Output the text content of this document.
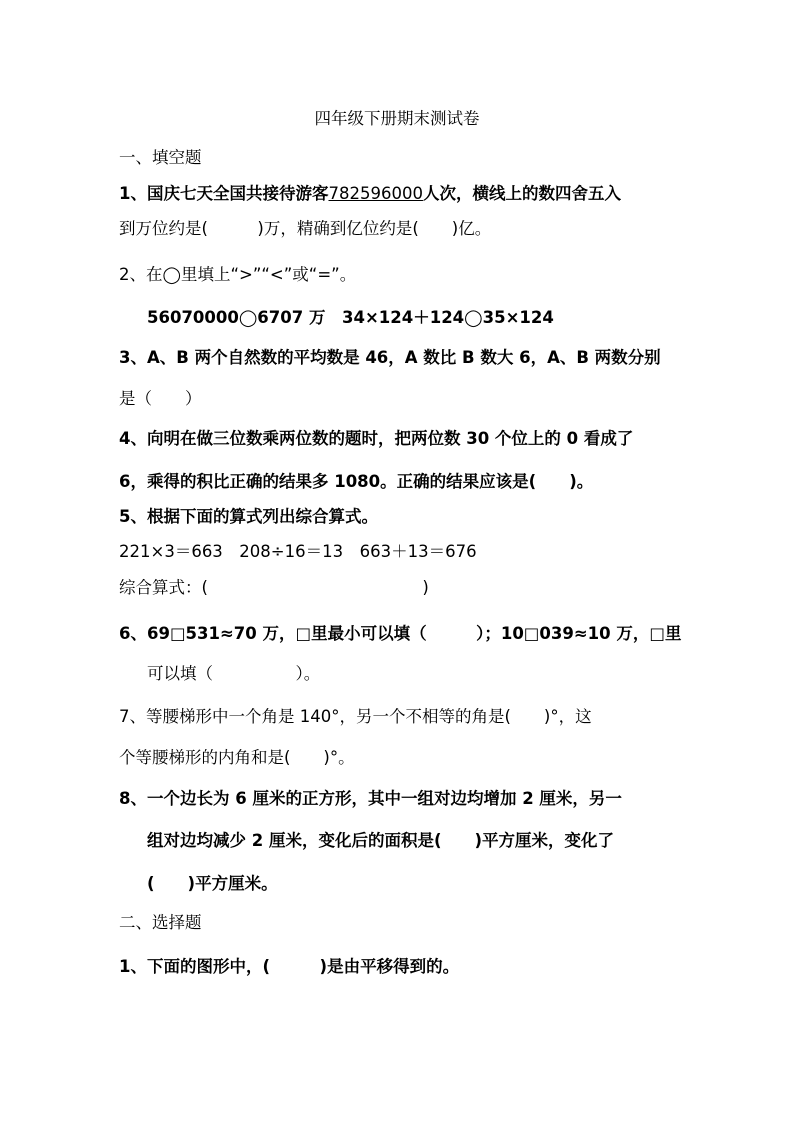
四年级下册期末测试卷
一、填空题
1、国庆七天全国共接待游客782596000人次，横线上的数四舍五入
到万位约是(　　　)万，精确到亿位约是(　　)亿。
2、在◯里填上“>”“<”或“=”。
56070000◯6707 万　34×124＋124◯35×124
3、A、B 两个自然数的平均数是 46，A 数比 B 数大 6，A、B 两数分别
是（　　）
4、向明在做三位数乘两位数的题时，把两位数 30 个位上的 0 看成了
6，乘得的积比正确的结果多 1080。正确的结果应该是(　　)。
5、根据下面的算式列出综合算式。
221×3＝663　208÷16＝13　663＋13＝676
综合算式：(　　　　　　　　　　　　　)
6、69□531≈70 万，□里最小可以填（　　　）；10□039≈10 万，□里
可以填（　　　　　）。
7、等腰梯形中一个角是 140°，另一个不相等的角是(　　)°，这
个等腰梯形的内角和是(　　)°。
8、一个边长为 6 厘米的正方形，其中一组对边均增加 2 厘米，另一
组对边均减少 2 厘米，变化后的面积是(　　)平方厘米，变化了
(　　)平方厘米。
二、选择题
1、下面的图形中，(　　　)是由平移得到的。
